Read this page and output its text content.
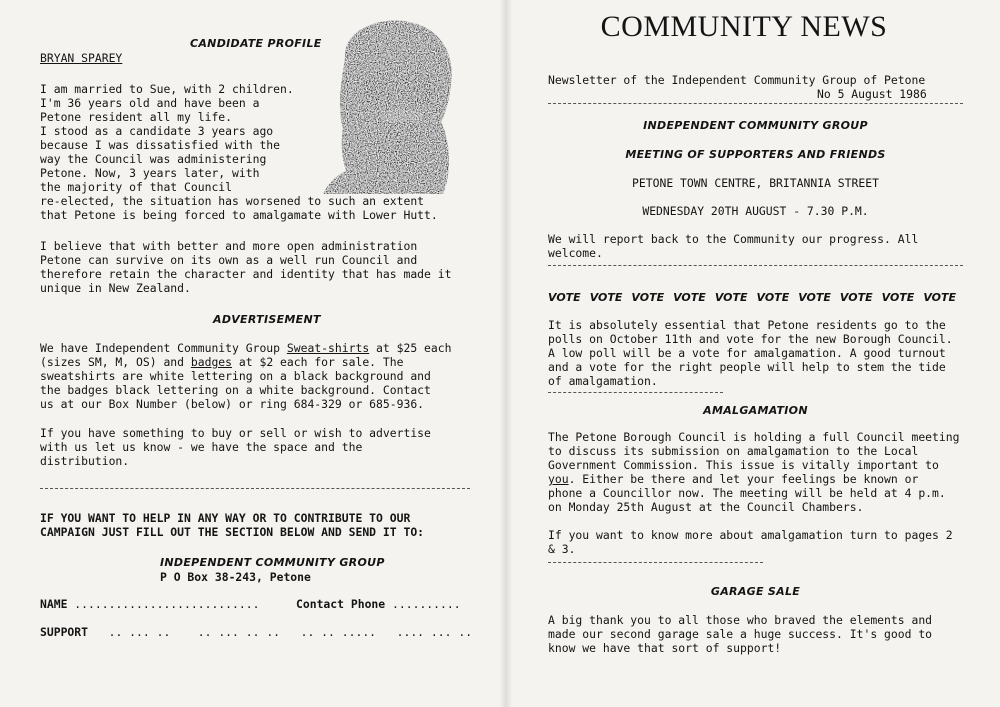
CANDIDATE PROFILE
BRYAN SPAREY

I am married to Sue, with 2 children.

I'm 36 years old and have been a

Petone resident all my life.

I stood as a candidate 3 years ago

because I was dissatisfied with the

way the Council was administering

Petone. Now, 3 years later, with

the majority of that Council

re-elected, the situation has worsened to such an extent

that Petone is being forced to amalgamate with Lower Hutt.

I believe that with better and more open administration

Petone can survive on its own as a well run Council and

therefore retain the character and identity that has made it

unique in New Zealand.

ADVERTISEMENT

We have Independent Community Group Sweat-shirts at $25 each

(sizes SM, M, OS) and badges at $2 each for sale. The

sweatshirts are white lettering on a black background and

the badges black lettering on a white background. Contact

us at our Box Number (below) or ring 684-329 or 685-936.

If you have something to buy or sell or wish to advertise

with us let us know - we have the space and the

distribution.

IF YOU WANT TO HELP IN ANY WAY OR TO CONTRIBUTE TO OUR

CAMPAIGN JUST FILL OUT THE SECTION BELOW AND SEND IT TO:

INDEPENDENT COMMUNITY GROUP
P O Box 38-243, Petone
NAME ...........................	Contact Phone ..........
SUPPORT   .. ... ..    .. ... .. ..   .. .. .....   .... ... ..
COMMUNITY NEWS
Newsletter of the Independent Community Group of Petone
No 5 August 1986
INDEPENDENT COMMUNITY GROUP
MEETING OF SUPPORTERS AND FRIENDS
PETONE TOWN CENTRE, BRITANNIA STREET
WEDNESDAY 20TH AUGUST - 7.30 P.M.

We will report back to the Community our progress. All

welcome.

VOTE VOTE VOTE VOTE VOTE VOTE VOTE VOTE VOTE VOTE

It is absolutely essential that Petone residents go to the

polls on October 11th and vote for the new Borough Council.

A low poll will be a vote for amalgamation. A good turnout

and a vote for the right people will help to stem the tide

of amalgamation.

AMALGAMATION

The Petone Borough Council is holding a full Council meeting

to discuss its submission on amalgamation to the Local

Government Commission. This issue is vitally important to

you. Either be there and let your feelings be known or

phone a Councillor now. The meeting will be held at 4 p.m.

on Monday 25th August at the Council Chambers.

If you want to know more about amalgamation turn to pages 2

& 3.

GARAGE SALE

A big thank you to all those who braved the elements and

made our second garage sale a huge success. It's good to

know we have that sort of support!
